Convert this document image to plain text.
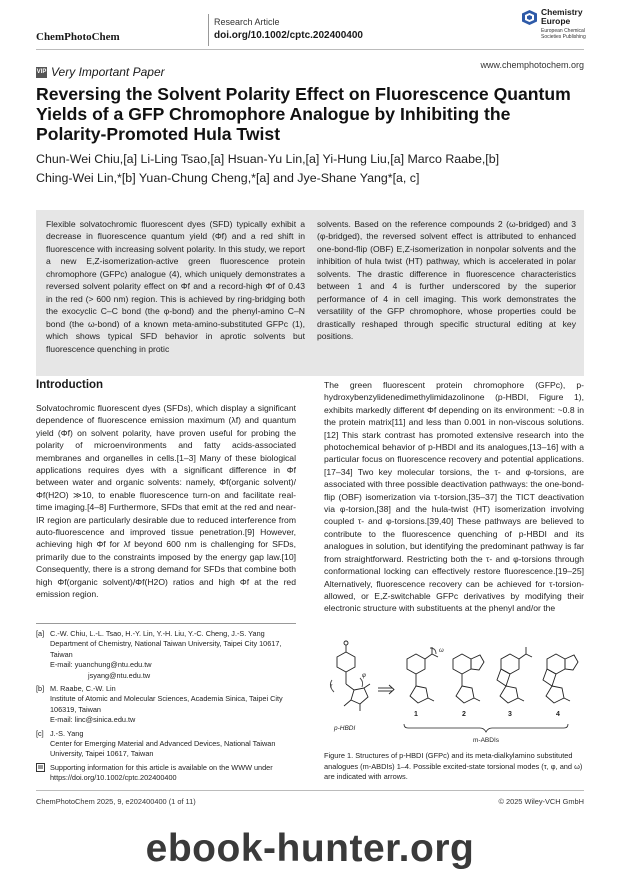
ChemPhotoChem
Research Article
doi.org/10.1002/cptc.202400400
Chemistry
Europe
European Chemical
Societies Publishing
VIP Very Important Paper	www.chemphotochem.org
Reversing the Solvent Polarity Effect on Fluorescence Quantum Yields of a GFP Chromophore Analogue by Inhibiting the Polarity-Promoted Hula Twist
Chun-Wei Chiu,[a] Li-Ling Tsao,[a] Hsuan-Yu Lin,[a] Yi-Hung Liu,[a] Marco Raabe,[b]
Ching-Wei Lin,*[b] Yuan-Chung Cheng,*[a] and Jye-Shane Yang*[a, c]
Flexible solvatochromic fluorescent dyes (SFD) typically exhibit a decrease in fluorescence quantum yield (Φf) and a red shift in fluorescence with increasing solvent polarity. In this study, we report a new E,Z-isomerization-active green fluorescence protein chromophore (GFPc) analogue (4), which uniquely demonstrates a reversed solvent polarity effect on Φf and a record-high Φf of 0.43 in the red (> 600 nm) region. This is achieved by ring-bridging both the exocyclic C–C bond (the φ-bond) and the phenyl-amino C–N bond (the ω-bond) of a known meta-amino-substituted GFPc (1), which shows typical SFD behavior in aprotic solvents but fluorescence quenching in protic
solvents. Based on the reference compounds 2 (ω-bridged) and 3 (φ-bridged), the reversed solvent effect is attributed to enhanced one-bond-flip (OBF) E,Z-isomerization in nonpolar solvents and the inhibition of hula twist (HT) pathway, which is accelerated in polar solvents. The drastic difference in fluorescence characteristics between 1 and 4 is further underscored by the superior performance of 4 in cell imaging. This work demonstrates the versatility of the GFP chromophore, whose properties could be drastically reshaped through specific structural editing at key positions.
Introduction
Solvatochromic fluorescent dyes (SFDs), which display a significant dependence of fluorescence emission maximum (λf) and quantum yield (Φf) on solvent polarity, have proven useful for probing the polarity of microenvironments and fatty acids-associated membranes and organelles in cells.[1–3] Many of these biological applications requires dyes with a significant difference in Φf between water and organic solvents: namely, Φf(organic solvent)/Φf(H2O) ≫10, to enable fluorescence turn-on and facilitate real-time imaging.[4–8] Furthermore, SFDs that emit at the red and near-IR region are particularly desirable due to reduced interference from auto-fluorescence and improved tissue penetration.[9] However, achieving high Φf for λf beyond 600 nm is challenging for SFDs, primarily due to the constraints imposed by the energy gap law.[10] Consequently, there is a strong demand for SFDs that combine both high Φf(organic solvent)/Φf(H2O) ratios and high Φf at the red emission region.
The green fluorescent protein chromophore (GFPc), p-hydroxybenzylidenedimethylimidazolinone (p-HBDI, Figure 1), exhibits markedly different Φf depending on its environment: ~0.8 in the protein matrix[11] and less than 0.001 in non-viscous solutions.[12] This stark contrast has promoted extensive research into the photochemical behavior of p-HBDI and its analogues,[13–16] with a particular focus on fluorescence recovery and potential applications.[17–34] Two key molecular torsions, the τ- and φ-torsions, are associated with three possible deactivation pathways: the one-bond-flip (OBF) isomerization via τ-torsion,[35–37] the TICT deactivation via φ-torsion,[38] and the hula-twist (HT) isomerization involving coupled τ- and φ-torsions.[39,40] These pathways are believed to contribute to the fluorescence quenching of p-HBDI and its analogues in solution, but identifying the predominant pathway is far from straightforward. Restricting both the τ- and φ-torsions through conformational locking can effectively restore fluorescence.[19–25] Alternatively, fluorescence recovery can be achieved for τ-torsion-allowed, or E,Z-switchable GFPc derivatives by modifying their electronic structure with substituents at the phenyl and/or the
[a] C.-W. Chiu, L.-L. Tsao, H.-Y. Lin, Y.-H. Liu, Y.-C. Cheng, J.-S. Yang
Department of Chemistry, National Taiwan University, Taipei City 10617, Taiwan
E-mail: yuanchung@ntu.edu.tw
jsyang@ntu.edu.tw
[b] M. Raabe, C.-W. Lin
Institute of Atomic and Molecular Sciences, Academia Sinica, Taipei City 106319, Taiwan
E-mail: linc@sinica.edu.tw
[c] J.-S. Yang
Center for Emerging Material and Advanced Devices, National Taiwan University, Taipei 10617, Taiwan
Supporting information for this article is available on the WWW under https://doi.org/10.1002/cptc.202400400
τ
φ
p-HBDI
ω
1	2	3	4
m-ABDIs
Figure 1. Structures of p-HBDI (GFPc) and its meta-dialkylamino substituted analogues (m-ABDIs) 1–4. Possible excited-state torsional modes (τ, φ, and ω) are indicated with arrows.
ChemPhotoChem 2025, 9, e202400400 (1 of 11)	© 2025 Wiley-VCH GmbH
ebook-hunter.org
